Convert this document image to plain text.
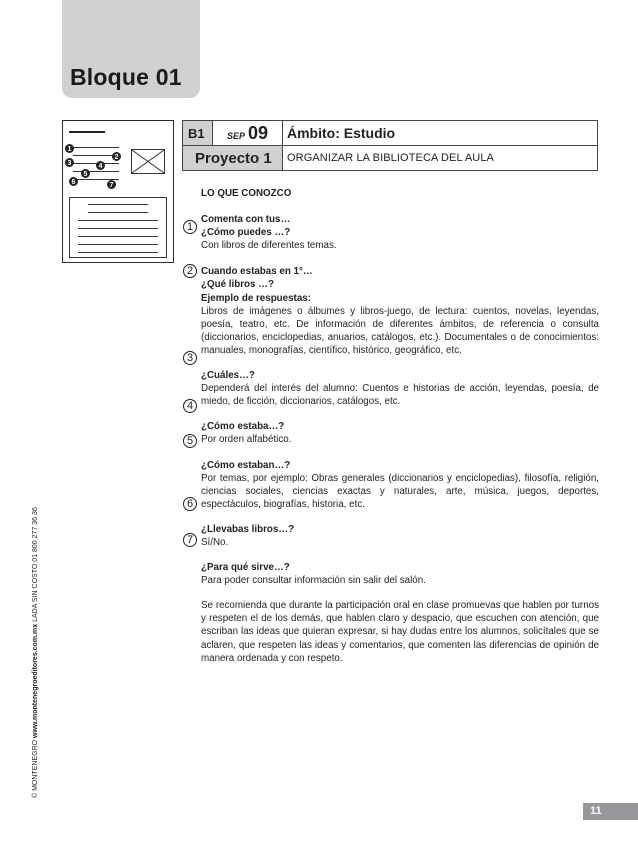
Bloque 01
1
2
3	4
5
6	7
B1	SEP 09	Ámbito: Estudio
Proyecto 1		ORGANIZAR LA BIBLIOTECA DEL AULA
1
2
3
4
5
6
7

LO QUE CONOZCO

Comenta con tus…

¿Cómo puedes …?

Con libros de diferentes temas.

Cuando estabas en 1°…

¿Qué libros …?

Ejemplo de respuestas:

Libros de imágenes o álbumes y libros-juego, de lectura: cuentos, novelas, leyendas, poesía, teatro, etc. De información de diferentes ámbitos, de referencia o consulta (diccionarios, enciclopedias, anuarios, catálogos, etc.). Documentales o de conocimientos: manuales, monografías, científico, histórico, geográfico, etc.

¿Cuáles…?

Dependerá del interés del alumno: Cuentos e historias de acción, leyendas, poesía, de miedo, de ficción, diccionarios, catálogos, etc.

¿Cómo estaba…?

Por orden alfabético.

¿Cómo estaban…?

Por temas, por ejemplo: Obras generales (diccionarios y enciclopedias), filosofía, religión, ciencias sociales, ciencias exactas y naturales, arte, música, juegos, deportes, espectáculos, biografías, historia, etc.

¿Llevabas libros…?

Sí/No.

¿Para qué sirve…?

Para poder consultar información sin salir del salón.

Se recomienda que durante la participación oral en clase promuevas que hablen por turnos y respeten el de los demás, que hablen claro y despacio, que escuchen con atención, que escriban las ideas que quieran expresar, si hay dudas entre los alumnos, solicítales que se aclaren, que respeten las ideas y comentarios, que comenten las diferencias de opinión de manera ordenada y con respeto.

© MONTENEGRO www.montenegroeditores.com.mx LADA SIN COSTO 01 800 277 36 36
11
